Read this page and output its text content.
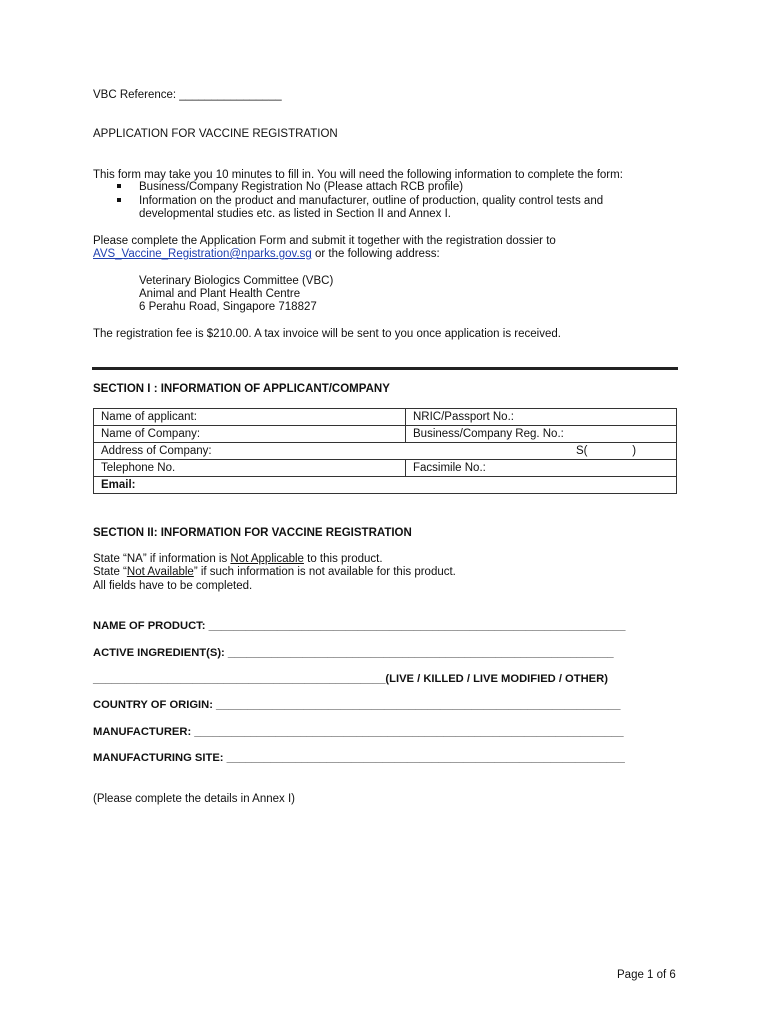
VBC Reference: ________________
APPLICATION FOR VACCINE REGISTRATION
This form may take you 10 minutes to fill in. You will need the following information to complete the form:
Business/Company Registration No (Please attach RCB profile)
Information on the product and manufacturer, outline of production, quality control tests and
developmental studies etc. as listed in Section II and Annex I.
Please complete the Application Form and submit it together with the registration dossier to
AVS_Vaccine_Registration@nparks.gov.sg or the following address:
Veterinary Biologics Committee (VBC)
Animal and Plant Health Centre
6 Perahu Road, Singapore 718827
The registration fee is $210.00. A tax invoice will be sent to you once application is received.
SECTION I : INFORMATION OF APPLICANT/COMPANY
Name of applicant:	NRIC/Passport No.:
Name of Company:	Business/Company Reg. No.:
Address of Company: S(              )	

Telephone No.	Facsimile No.:
Email:	
SECTION II: INFORMATION FOR VACCINE REGISTRATION
State “NA” if information is Not Applicable to this product.
State “Not Available” if such information is not available for this product.
All fields have to be completed.
NAME OF PRODUCT: ___________________________________________________________________
ACTIVE INGREDIENT(S): ______________________________________________________________
_______________________________________________(LIVE / KILLED / LIVE MODIFIED / OTHER)
COUNTRY OF ORIGIN: _________________________________________________________________
MANUFACTURER: _____________________________________________________________________
MANUFACTURING SITE: ________________________________________________________________
(Please complete the details in Annex I)
Page 1 of 6
